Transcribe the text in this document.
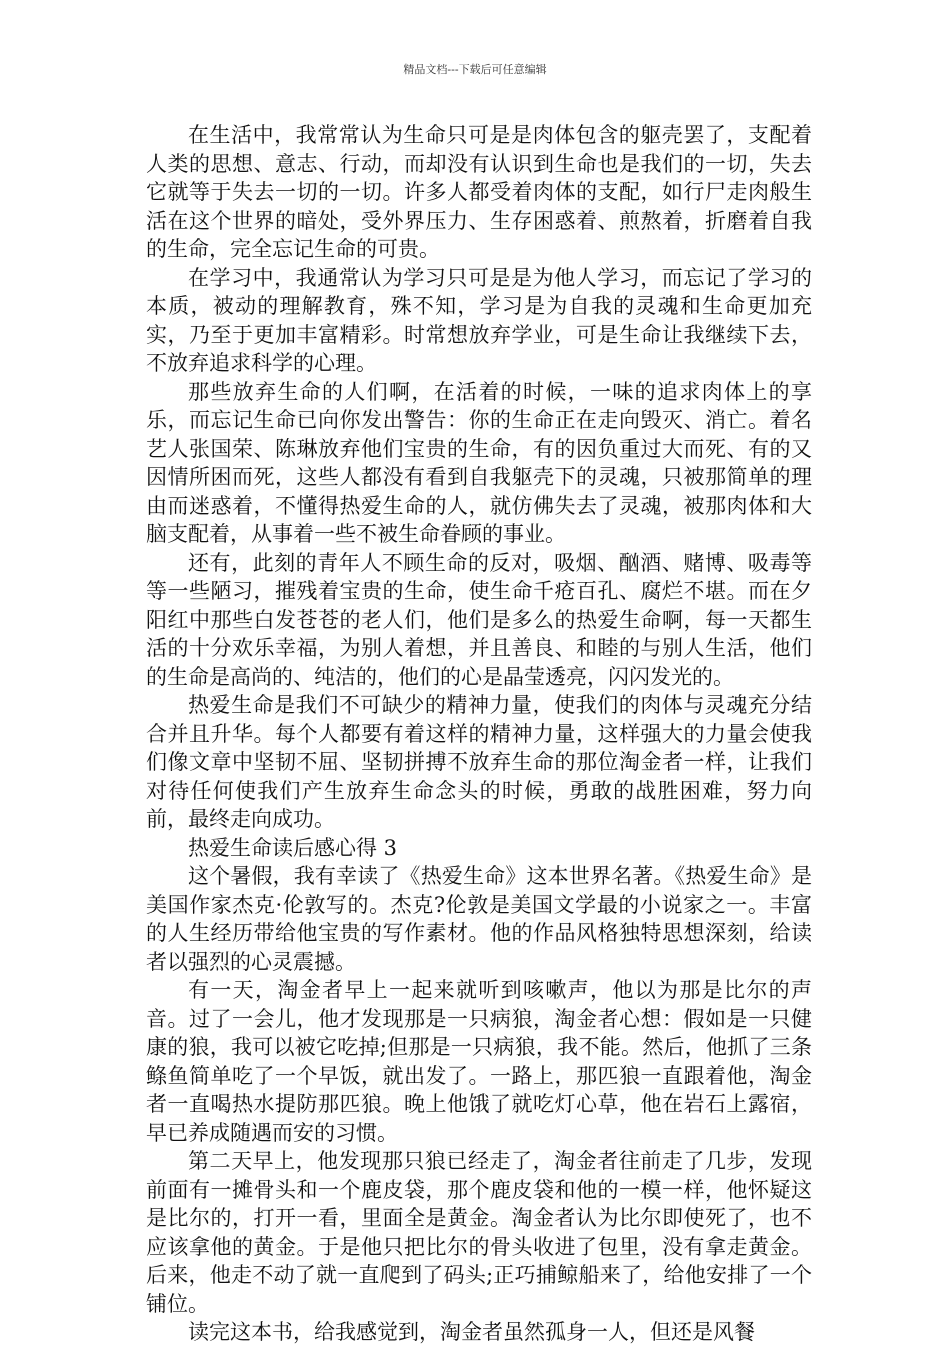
精品文档---下载后可任意编辑

在生活中，我常常认为生命只可是是肉体包含的躯壳罢了，支配着人类的思想、意志、行动，而却没有认识到生命也是我们的一切，失去它就等于失去一切的一切。许多人都受着肉体的支配，如行尸走肉般生活在这个世界的暗处，受外界压力、生存困惑着、煎熬着，折磨着自我的生命，完全忘记生命的可贵。

在学习中，我通常认为学习只可是是为他人学习，而忘记了学习的本质，被动的理解教育，殊不知，学习是为自我的灵魂和生命更加充实，乃至于更加丰富精彩。时常想放弃学业，可是生命让我继续下去，不放弃追求科学的心理。

那些放弃生命的人们啊，在活着的时候，一味的追求肉体上的享乐，而忘记生命已向你发出警告：你的生命正在走向毁灭、消亡。着名艺人张国荣、陈琳放弃他们宝贵的生命，有的因负重过大而死、有的又因情所困而死，这些人都没有看到自我躯壳下的灵魂，只被那简单的理由而迷惑着，不懂得热爱生命的人，就仿佛失去了灵魂，被那肉体和大脑支配着，从事着一些不被生命眷顾的事业。

还有，此刻的青年人不顾生命的反对，吸烟、酗酒、赌博、吸毒等等一些陋习，摧残着宝贵的生命，使生命千疮百孔、腐烂不堪。而在夕阳红中那些白发苍苍的老人们，他们是多么的热爱生命啊，每一天都生活的十分欢乐幸福，为别人着想，并且善良、和睦的与别人生活，他们的生命是高尚的、纯洁的，他们的心是晶莹透亮，闪闪发光的。

热爱生命是我们不可缺少的精神力量，使我们的肉体与灵魂充分结合并且升华。每个人都要有着这样的精神力量，这样强大的力量会使我们像文章中坚韧不屈、坚韧拼搏不放弃生命的那位淘金者一样，让我们对待任何使我们产生放弃生命念头的时候，勇敢的战胜困难，努力向前，最终走向成功。

热爱生命读后感心得 3

这个暑假，我有幸读了《热爱生命》这本世界名著。《热爱生命》是美国作家杰克·伦敦写的。杰克?伦敦是美国文学最的小说家之一。丰富的人生经历带给他宝贵的写作素材。他的作品风格独特思想深刻，给读者以强烈的心灵震撼。

有一天，淘金者早上一起来就听到咳嗽声，他以为那是比尔的声音。过了一会儿，他才发现那是一只病狼，淘金者心想：假如是一只健康的狼，我可以被它吃掉;但那是一只病狼，我不能。然后，他抓了三条鲦鱼简单吃了一个早饭，就出发了。一路上，那匹狼一直跟着他，淘金者一直喝热水提防那匹狼。晚上他饿了就吃灯心草，他在岩石上露宿，早已养成随遇而安的习惯。

第二天早上，他发现那只狼已经走了，淘金者往前走了几步，发现前面有一摊骨头和一个鹿皮袋，那个鹿皮袋和他的一模一样，他怀疑这是比尔的，打开一看，里面全是黄金。淘金者认为比尔即使死了，也不应该拿他的黄金。于是他只把比尔的骨头收进了包里，没有拿走黄金。后来，他走不动了就一直爬到了码头;正巧捕鲸船来了，给他安排了一个铺位。

读完这本书，给我感觉到，淘金者虽然孤身一人，但还是风餐
